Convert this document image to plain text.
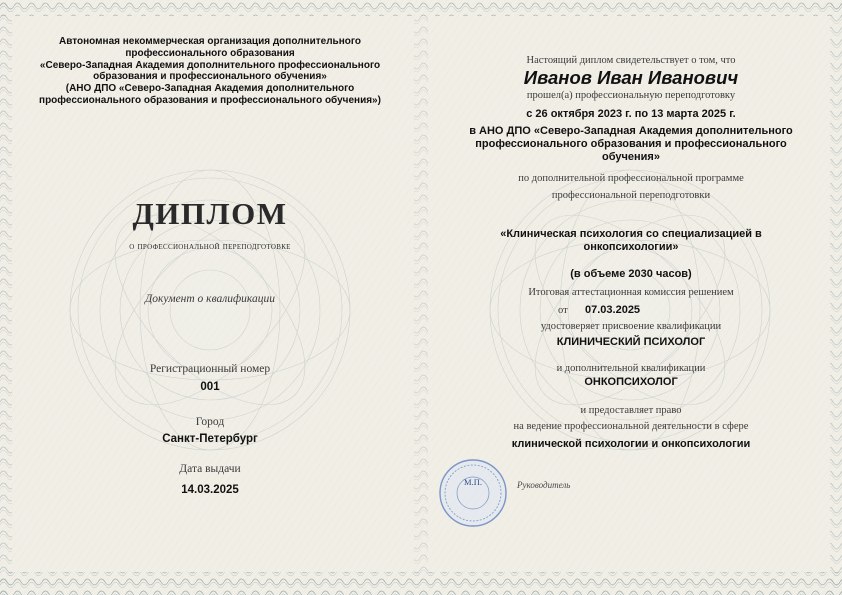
Автономная некоммерческая организация дополнительного
профессионального образования
«Северо-Западная Академия дополнительного профессионального
образования и профессионального обучения»
(АНО ДПО «Северо-Западная Академия дополнительного
профессионального образования и профессионального обучения»)
ДИПЛОМ
о профессиональной переподготовке
Документ о квалификации
Регистрационный номер
001
Город
Санкт-Петербург
Дата выдачи
14.03.2025
Настоящий диплом свидетельствует о том, что
Иванов Иван Иванович
прошел(а) профессиональную переподготовку
с 26 октября 2023 г. по 13 марта 2025 г.
в АНО ДПО «Северо-Западная Академия дополнительного
профессионального образования и профессионального
обучения»
по дополнительной профессиональной программе
профессиональной переподготовки
«Клиническая психология со специализацией в
онкопсихологии»
(в объеме 2030 часов)
Итоговая аттестационная комиссия решением
от 07.03.2025
удостоверяет присвоение квалификации
КЛИНИЧЕСКИЙ ПСИХОЛОГ
и дополнительной квалификации
ОНКОПСИХОЛОГ
и предоставляет право
на ведение профессиональной деятельности в сфере
клинической психологии и онкопсихологии
М.П.	Руководитель
